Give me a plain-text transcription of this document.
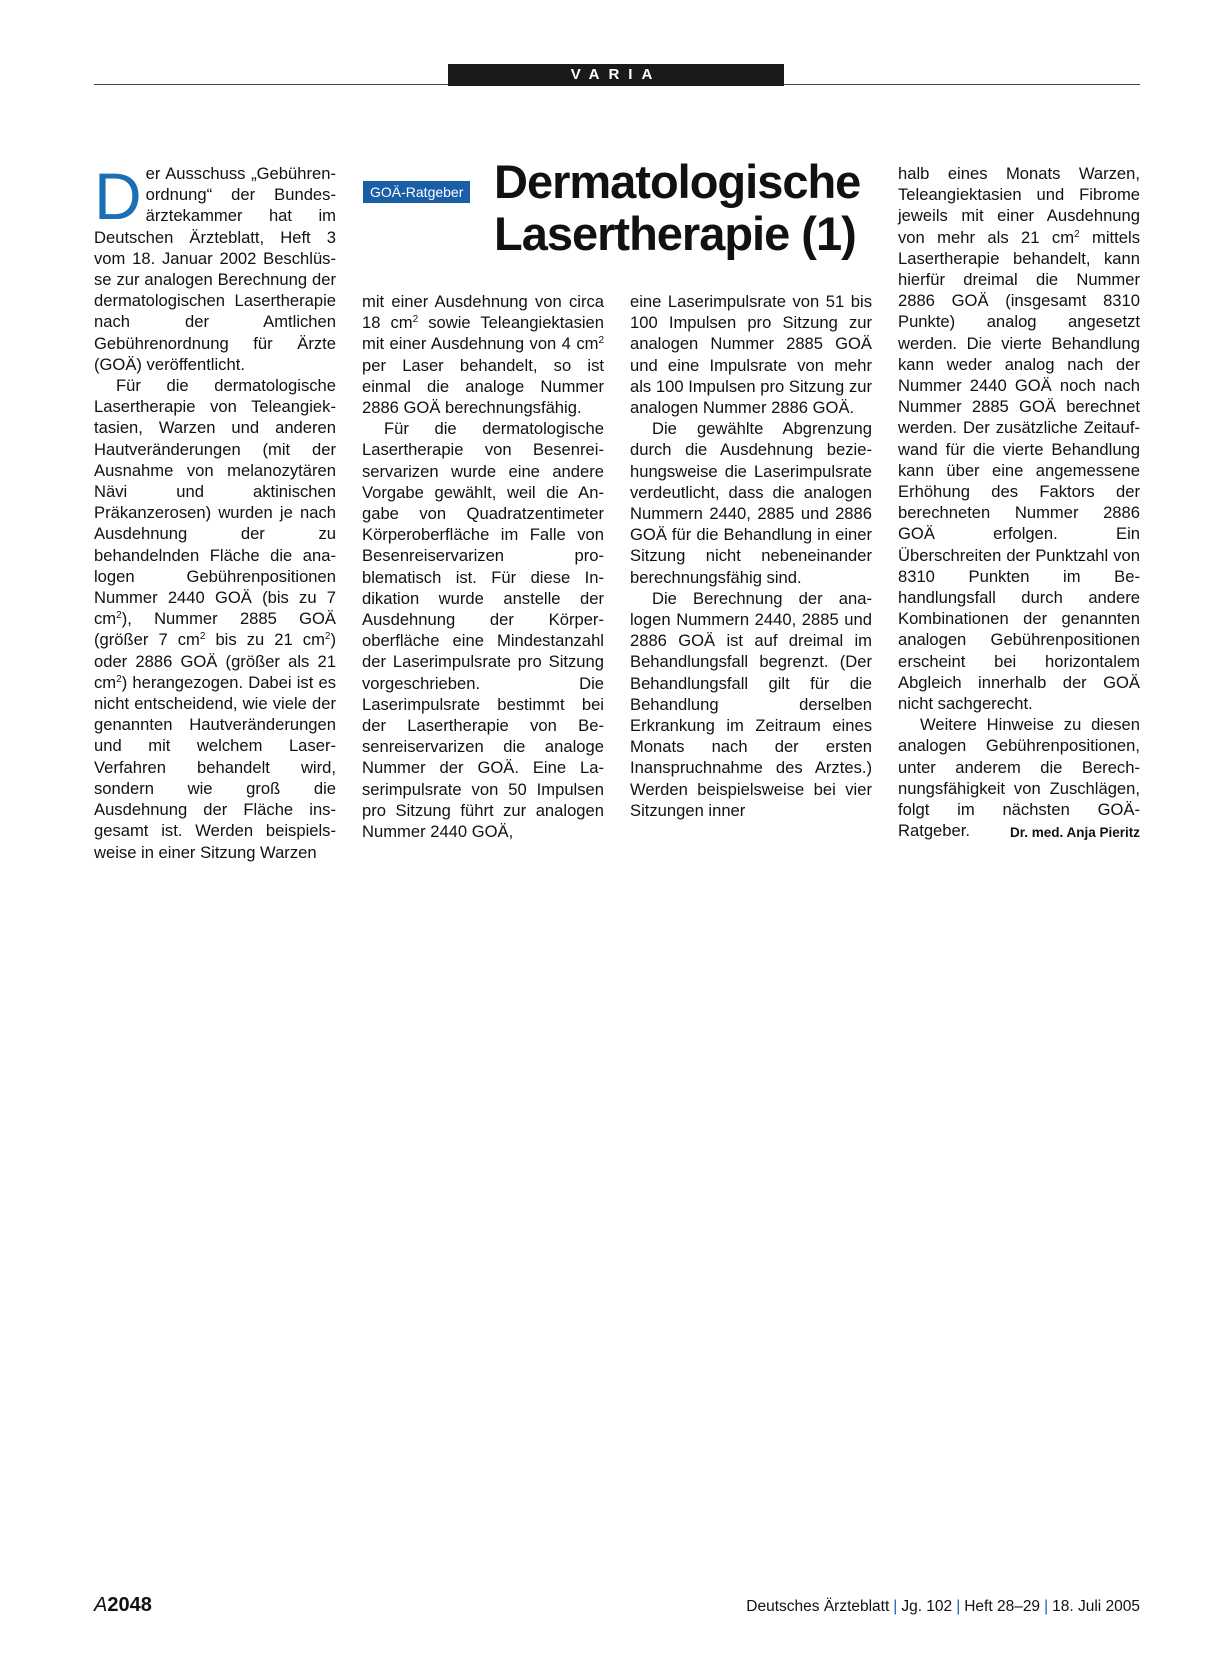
VARIA
GOÄ-Ratgeber Dermatologische
Lasertherapie (1)

Der Ausschuss „Gebührenordnung“ der Bundesärztekammer hat im Deutschen Ärzteblatt, Heft 3 vom 18. Januar 2002 Beschlüsse zur analogen Berechnung der dermatologischen Lasertherapie nach der Amtlichen Gebührenordnung für Ärzte (GOÄ) veröffentlicht.

Für die dermatologische Lasertherapie von Teleangiektasien, Warzen und anderen Hautveränderungen (mit der Ausnahme von melanozytären Nävi und aktinischen Präkanzerosen) wurden je nach Ausdehnung der zu behandelnden Fläche die analogen Gebührenpositionen Nummer 2440 GOÄ (bis zu 7 $cm^2$), Nummer 2885 GOÄ (größer 7 $cm^2$ bis zu 21 $cm^2$) oder 2886 GOÄ (größer als 21 $cm^2$) herangezogen. Dabei ist es nicht entscheidend, wie viele der genannten Hautveränderungen und mit welchem Laser-Verfahren behandelt wird, sondern wie groß die Ausdehnung der Fläche insgesamt ist. Werden beispielsweise in einer Sitzung Warzen

mit einer Ausdehnung von circa 18 $cm^2$ sowie Teleangiektasien mit einer Ausdehnung von 4 $cm^2$ per Laser behandelt, so ist einmal die analoge Nummer 2886 GOÄ berechnungsfähig.

Für die dermatologische Lasertherapie von Besenreiservarizen wurde eine andere Vorgabe gewählt, weil die Angabe von Quadratzentimeter Körperoberfläche im Falle von Besenreiservarizen problematisch ist. Für diese Indikation wurde anstelle der Ausdehnung der Körperoberfläche eine Mindestanzahl der Laserimpulsrate pro Sitzung vorgeschrieben. Die Laserimpulsrate bestimmt bei der Lasertherapie von Besenreiservarizen die analoge Nummer der GOÄ. Eine Laserimpulsrate von 50 Impulsen pro Sitzung führt zur analogen Nummer 2440 GOÄ,

eine Laserimpulsrate von 51 bis 100 Impulsen pro Sitzung zur analogen Nummer 2885 GOÄ und eine Impulsrate von mehr als 100 Impulsen pro Sitzung zur analogen Nummer 2886 GOÄ.

Die gewählte Abgrenzung durch die Ausdehnung beziehungsweise die Laserimpulsrate verdeutlicht, dass die analogen Nummern 2440, 2885 und 2886 GOÄ für die Behandlung in einer Sitzung nicht nebeneinander berechnungsfähig sind.

Die Berechnung der analogen Nummern 2440, 2885 und 2886 GOÄ ist auf dreimal im Behandlungsfall begrenzt. (Der Behandlungsfall gilt für die Behandlung derselben Erkrankung im Zeitraum eines Monats nach der ersten Inanspruchnahme des Arztes.) Werden beispielsweise bei vier Sitzungen inner

halb eines Monats Warzen, Teleangiektasien und Fibrome jeweils mit einer Ausdehnung von mehr als 21 $cm^2$ mittels Lasertherapie behandelt, kann hierfür dreimal die Nummer 2886 GOÄ (insgesamt 8310 Punkte) analog angesetzt werden. Die vierte Behandlung kann weder analog nach der Nummer 2440 GOÄ noch nach Nummer 2885 GOÄ berechnet werden. Der zusätzliche Zeitaufwand für die vierte Behandlung kann über eine angemessene Erhöhung des Faktors der berechneten Nummer 2886 GOÄ erfolgen. Ein Überschreiten der Punktzahl von 8310 Punkten im Behandlungsfall durch andere Kombinationen der genannten analogen Gebührenpositionen erscheint bei horizontalem Abgleich innerhalb der GOÄ nicht sachgerecht.

Weitere Hinweise zu diesen analogen Gebührenpositionen, unter anderem die Berechnungsfähigkeit von Zuschlägen, folgt im nächsten GOÄ-Ratgeber.	Dr. med. Anja Pieritz

A2048	Deutsches Ärzteblatt | Jg. 102 | Heft 28–29 | 18. Juli 2005
